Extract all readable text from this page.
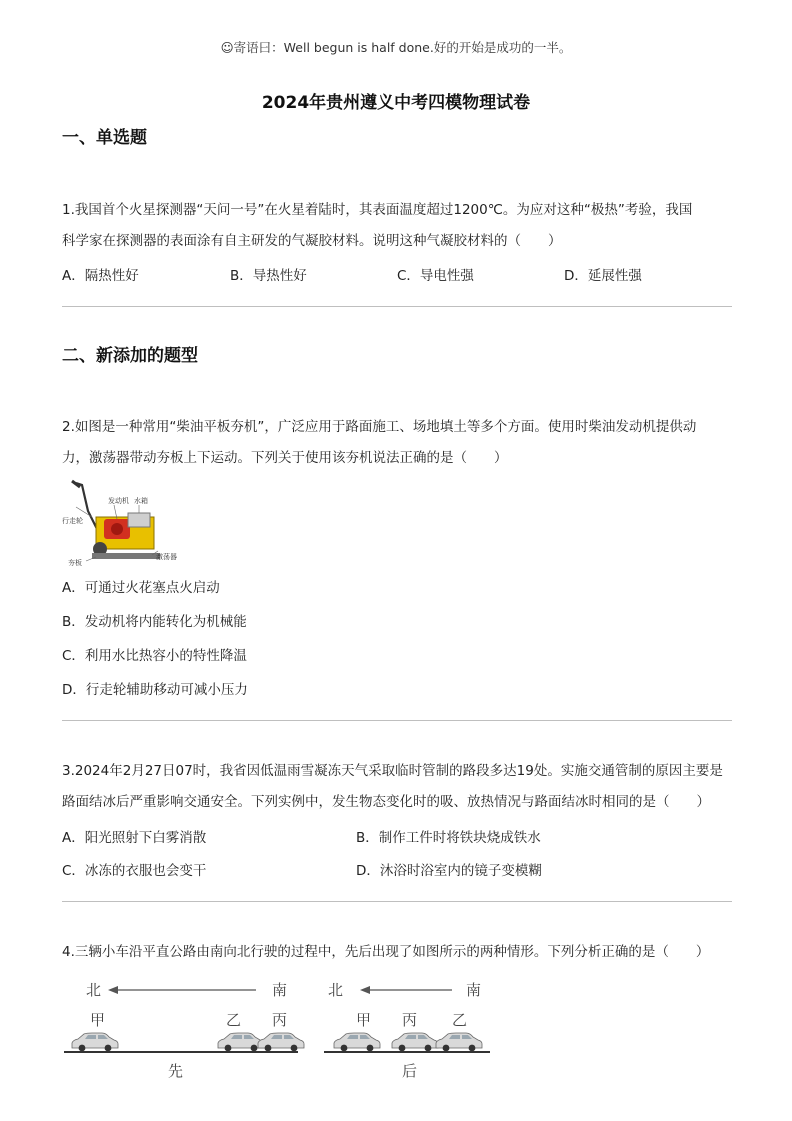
☺寄语曰：Well begun is half done.好的开始是成功的一半。
2024年贵州遵义中考四模物理试卷
一、单选题
1.我国首个火星探测器“天问一号”在火星着陆时，其表面温度超过1200℃。为应对这种“极热”考验，我国
科学家在探测器的表面涂有自主研发的气凝胶材料。说明这种气凝胶材料的（　　）
A．隔热性好	B．导热性好	C．导电性强	D．延展性强
二、新添加的题型
2.如图是一种常用“柴油平板夯机”，广泛应用于路面施工、场地填土等多个方面。使用时柴油发动机提供动
力，激荡器带动夯板上下运动。下列关于使用该夯机说法正确的是（　　）
行走轮
发动机 水箱
夯板
激荡器
A．可通过火花塞点火启动
B．发动机将内能转化为机械能
C．利用水比热容小的特性降温
D．行走轮辅助移动可减小压力
3.2024年2月27日07时，我省因低温雨雪凝冻天气采取临时管制的路段多达19处。实施交通管制的原因主要是
路面结冰后严重影响交通安全。下列实例中，发生物态变化时的吸、放热情况与路面结冰时相同的是（　　）
A．阳光照射下白雾消散	B．制作工件时将铁块烧成铁水
C．冰冻的衣服也会变干	D．沐浴时浴室内的镜子变模糊
4.三辆小车沿平直公路由南向北行驶的过程中，先后出现了如图所示的两种情形。下列分析正确的是（　　）
北	南
甲	乙 丙
先
北	南
甲 丙 乙
后
